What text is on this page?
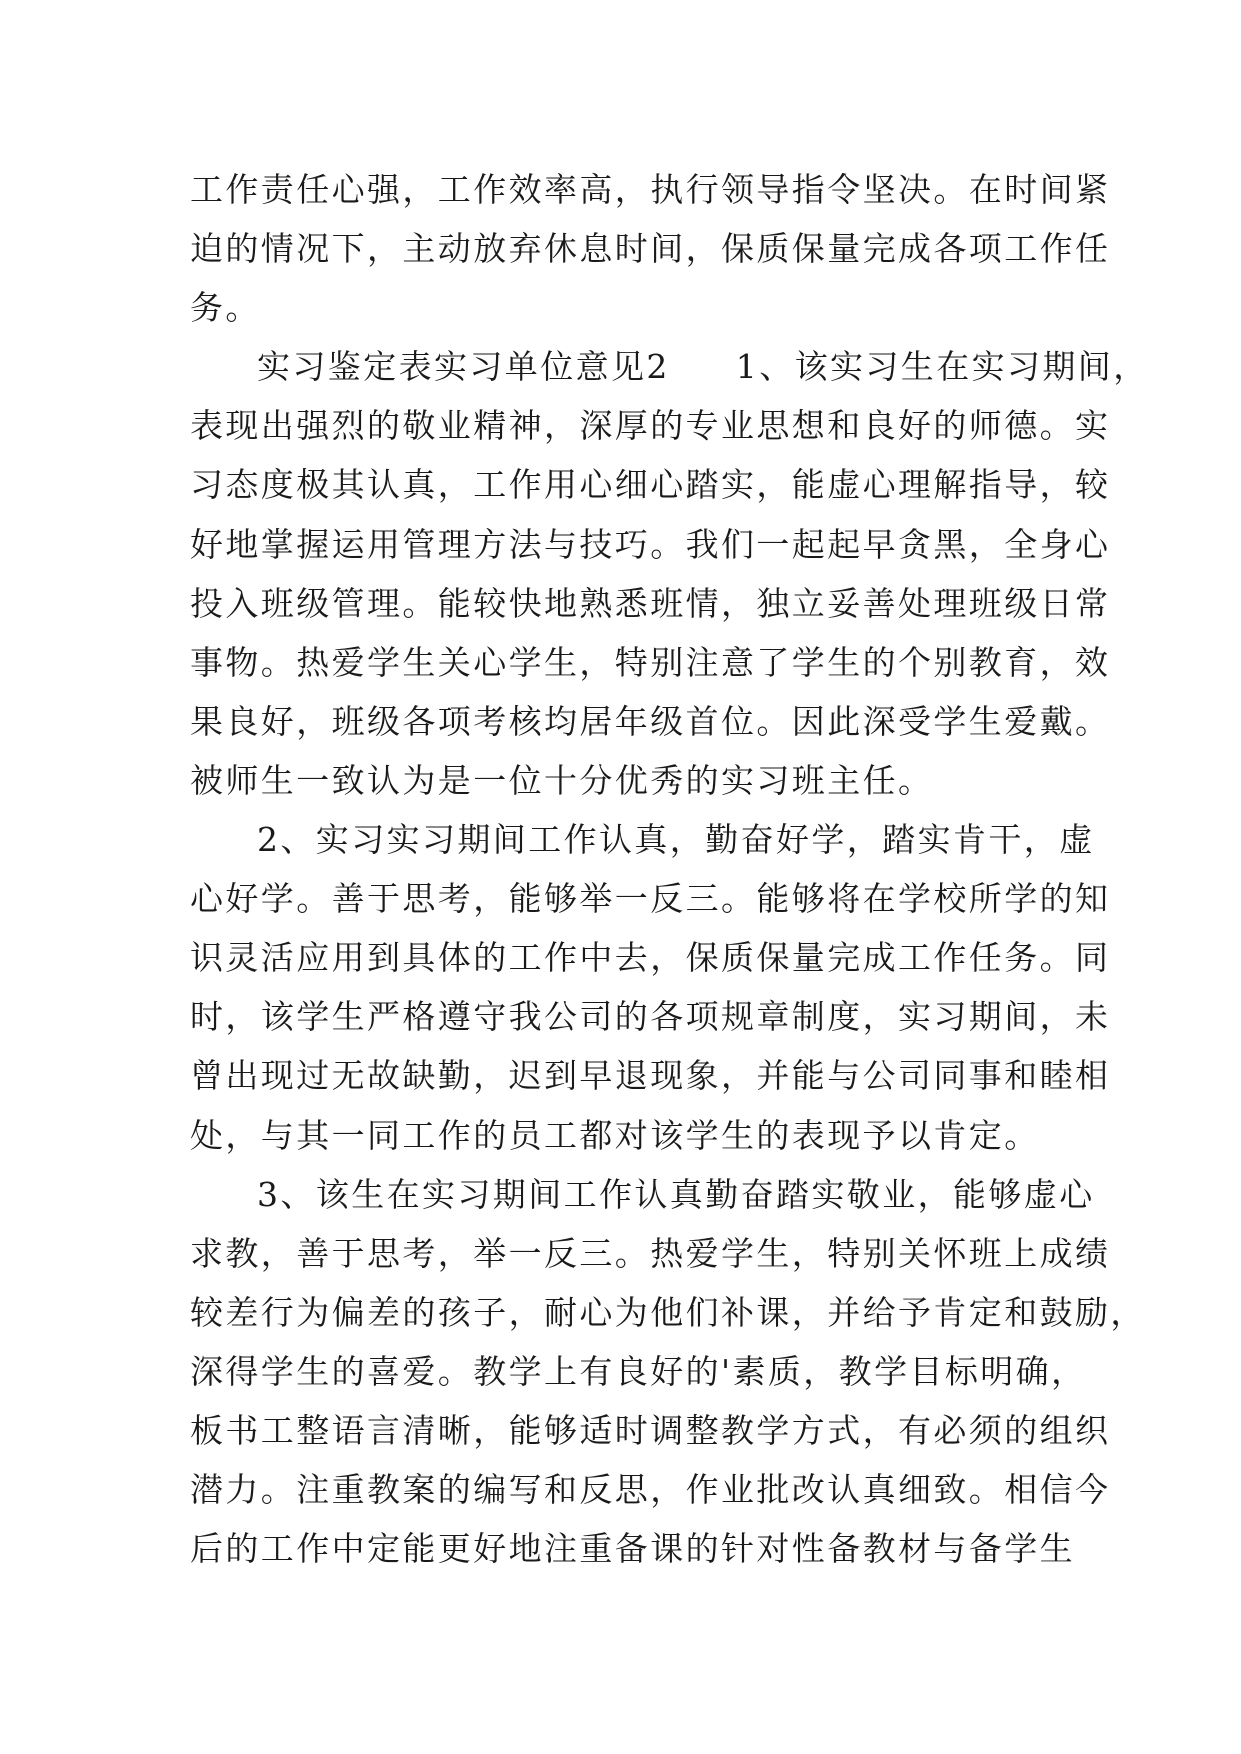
工作责任心强，工作效率高，执行领导指令坚决。在时间紧
迫的情况下，主动放弃休息时间，保质保量完成各项工作任
务。
实习鉴定表实习单位意见2 1、该实习生在实习期间，
表现出强烈的敬业精神，深厚的专业思想和良好的师德。实
习态度极其认真，工作用心细心踏实，能虚心理解指导，较
好地掌握运用管理方法与技巧。我们一起起早贪黑，全身心
投入班级管理。能较快地熟悉班情，独立妥善处理班级日常
事物。热爱学生关心学生，特别注意了学生的个别教育，效
果良好，班级各项考核均居年级首位。因此深受学生爱戴。
被师生一致认为是一位十分优秀的实习班主任。
2、实习实习期间工作认真，勤奋好学，踏实肯干，虚
心好学。善于思考，能够举一反三。能够将在学校所学的知
识灵活应用到具体的工作中去，保质保量完成工作任务。同
时，该学生严格遵守我公司的各项规章制度，实习期间，未
曾出现过无故缺勤，迟到早退现象，并能与公司同事和睦相
处，与其一同工作的员工都对该学生的表现予以肯定。
3、该生在实习期间工作认真勤奋踏实敬业，能够虚心
求教，善于思考，举一反三。热爱学生，特别关怀班上成绩
较差行为偏差的孩子，耐心为他们补课，并给予肯定和鼓励，
深得学生的喜爱。教学上有良好的'素质，教学目标明确，
板书工整语言清晰，能够适时调整教学方式，有必须的组织
潜力。注重教案的编写和反思，作业批改认真细致。相信今
后的工作中定能更好地注重备课的针对性备教材与备学生
